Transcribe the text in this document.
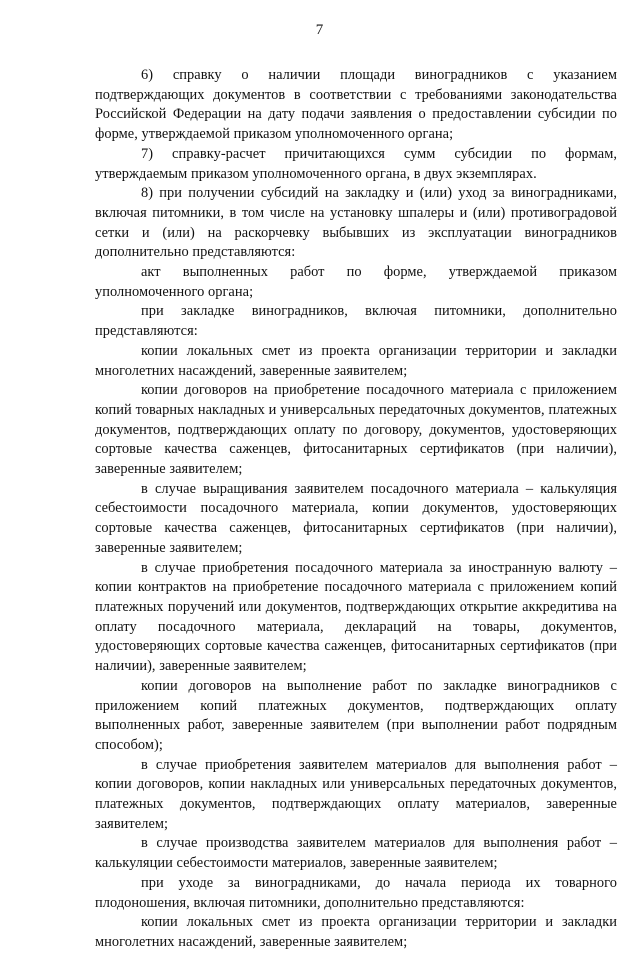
7

6) справку о наличии площади виноградников с указанием подтверждающих документов в соответствии с требованиями законодательства Российской Федерации на дату подачи заявления о предоставлении субсидии по форме, утверждаемой приказом уполномоченного органа;

7) справку-расчет причитающихся сумм субсидии по формам, утверждаемым приказом уполномоченного органа, в двух экземплярах.

8) при получении субсидий на закладку и (или) уход за виноградниками, включая питомники, в том числе на установку шпалеры и (или) противоградовой сетки и (или) на раскорчевку выбывших из эксплуатации виноградников дополнительно представляются:

акт выполненных работ по форме, утверждаемой приказом уполномоченного органа;

при закладке виноградников, включая питомники, дополнительно представляются:

копии локальных смет из проекта организации территории и закладки многолетних насаждений, заверенные заявителем;

копии договоров на приобретение посадочного материала с приложением копий товарных накладных и универсальных передаточных документов, платежных документов, подтверждающих оплату по договору, документов, удостоверяющих сортовые качества саженцев, фитосанитарных сертификатов (при наличии), заверенные заявителем;

в случае выращивания заявителем посадочного материала – калькуляция себестоимости посадочного материала, копии документов, удостоверяющих сортовые качества саженцев, фитосанитарных сертификатов (при наличии), заверенные заявителем;

в случае приобретения посадочного материала за иностранную валюту – копии контрактов на приобретение посадочного материала с приложением копий платежных поручений или документов, подтверждающих открытие аккредитива на оплату посадочного материала, деклараций на товары, документов, удостоверяющих сортовые качества саженцев, фитосанитарных сертификатов (при наличии), заверенные заявителем;

копии договоров на выполнение работ по закладке виноградников с приложением копий платежных документов, подтверждающих оплату выполненных работ, заверенные заявителем (при выполнении работ подрядным способом);

в случае приобретения заявителем материалов для выполнения работ – копии договоров, копии накладных или универсальных передаточных документов, платежных документов, подтверждающих оплату материалов, заверенные заявителем;

в случае производства заявителем материалов для выполнения работ – калькуляции себестоимости материалов, заверенные заявителем;

при уходе за виноградниками, до начала периода их товарного плодоношения, включая питомники, дополнительно представляются:

копии локальных смет из проекта организации территории и закладки многолетних насаждений, заверенные заявителем;
